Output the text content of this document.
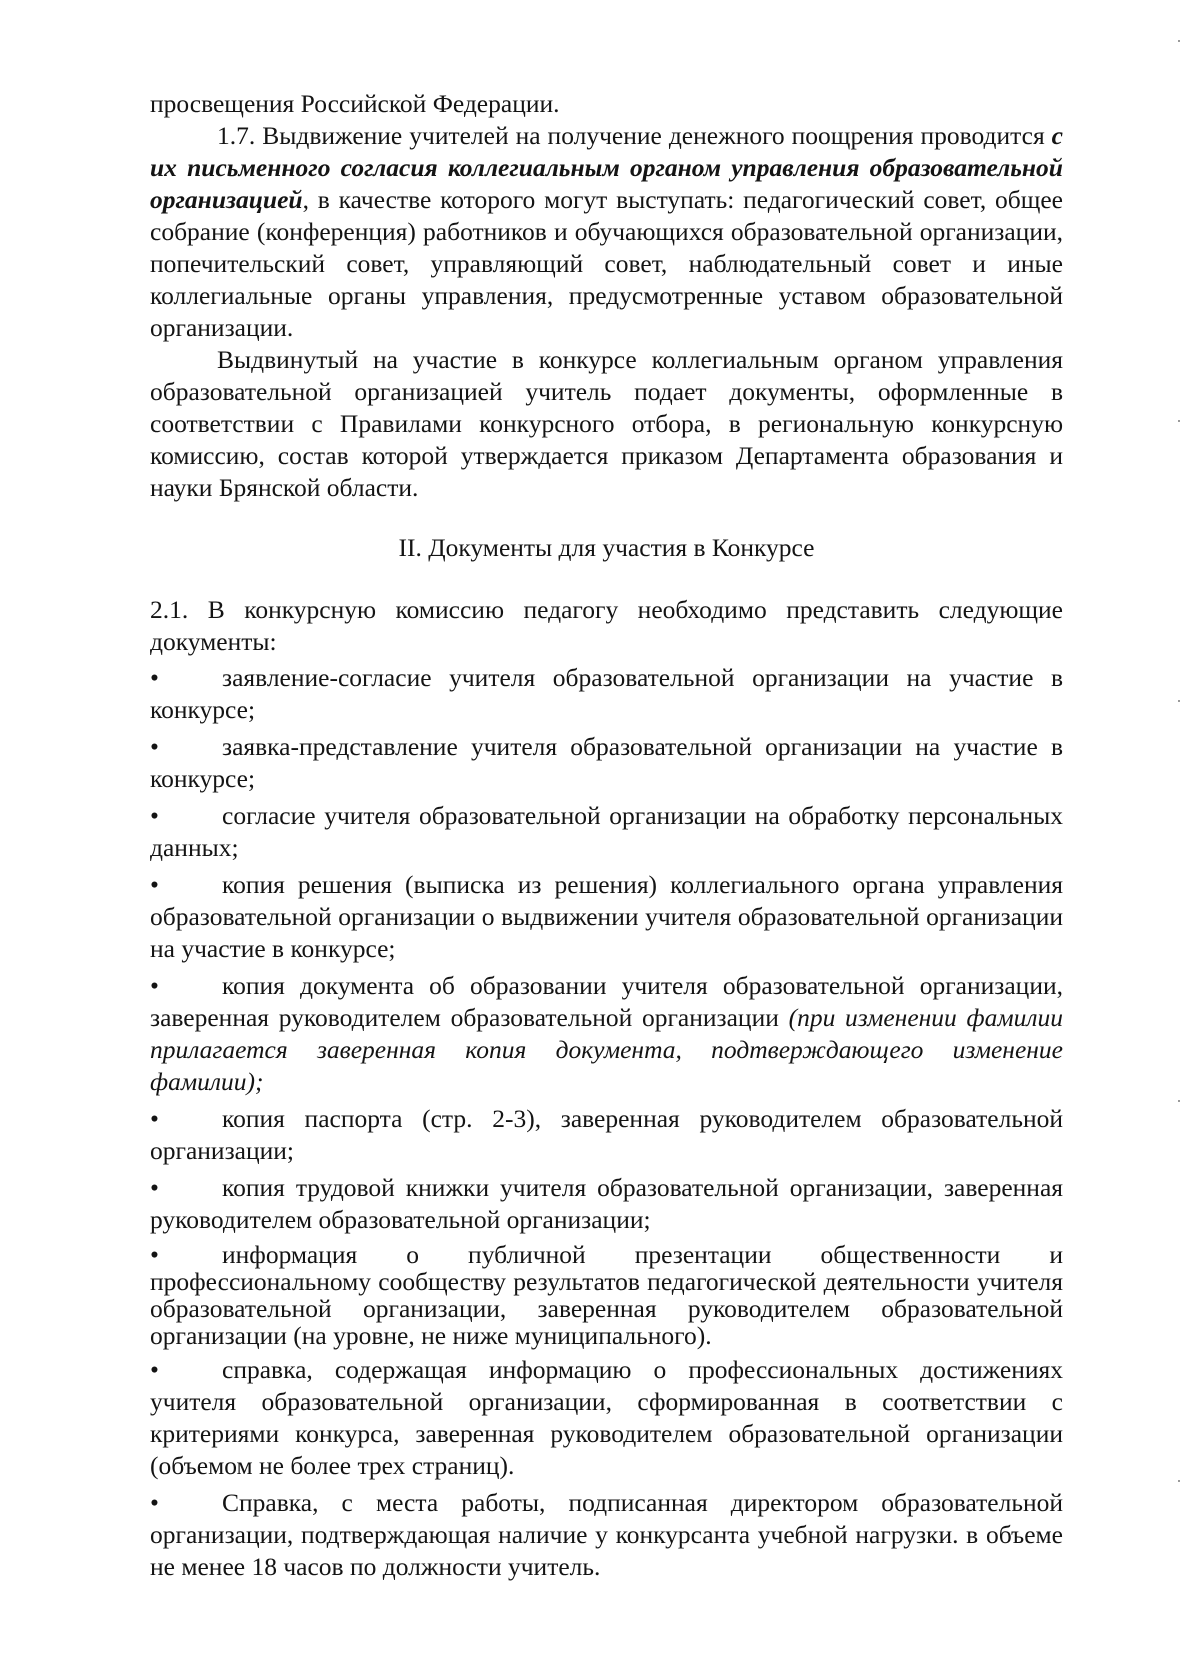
просвещения Российской Федерации.

1.7. Выдвижение учителей на получение денежного поощрения проводится с их письменного согласия коллегиальным органом управления образовательной организацией, в качестве которого могут выступать: педагогический совет, общее собрание (конференция) работников и обучающихся образовательной организации, попечительский совет, управляющий совет, наблюдательный совет и иные коллегиальные органы управления, предусмотренные уставом образовательной организации.

Выдвинутый на участие в конкурсе коллегиальным органом управления образовательной организацией учитель подает документы, оформленные в соответствии с Правилами конкурсного отбора, в региональную конкурсную комиссию, состав которой утверждается приказом Департамента образования и науки Брянской области.

II. Документы для участия в Конкурсе

2.1. В конкурсную комиссию педагогу необходимо представить следующие документы:

• заявление-согласие учителя образовательной организации на участие в конкурсе;

• заявка-представление учителя образовательной организации на участие в конкурсе;

• согласие учителя образовательной организации на обработку персональных данных;

• копия решения (выписка из решения) коллегиального органа управления образовательной организации о выдвижении учителя образовательной организации на участие в конкурсе;

• копия документа об образовании учителя образовательной организации, заверенная руководителем образовательной организации (при изменении фамилии прилагается заверенная копия документа, подтверждающего изменение фамилии);

• копия паспорта (стр. 2-3), заверенная руководителем образовательной организации;

• копия трудовой книжки учителя образовательной организации, заверенная руководителем образовательной организации;

• информация о публичной презентации общественности и профессиональному сообществу результатов педагогической деятельности учителя образовательной организации, заверенная руководителем образовательной организации (на уровне, не ниже муниципального).

• справка, содержащая информацию о профессиональных достижениях учителя образовательной организации, сформированная в соответствии с критериями конкурса, заверенная руководителем образовательной организации (объемом не более трех страниц).

• Справка, с места работы, подписанная директором образовательной организации, подтверждающая наличие у конкурсанта учебной нагрузки. в объеме не менее 18 часов по должности учитель.
